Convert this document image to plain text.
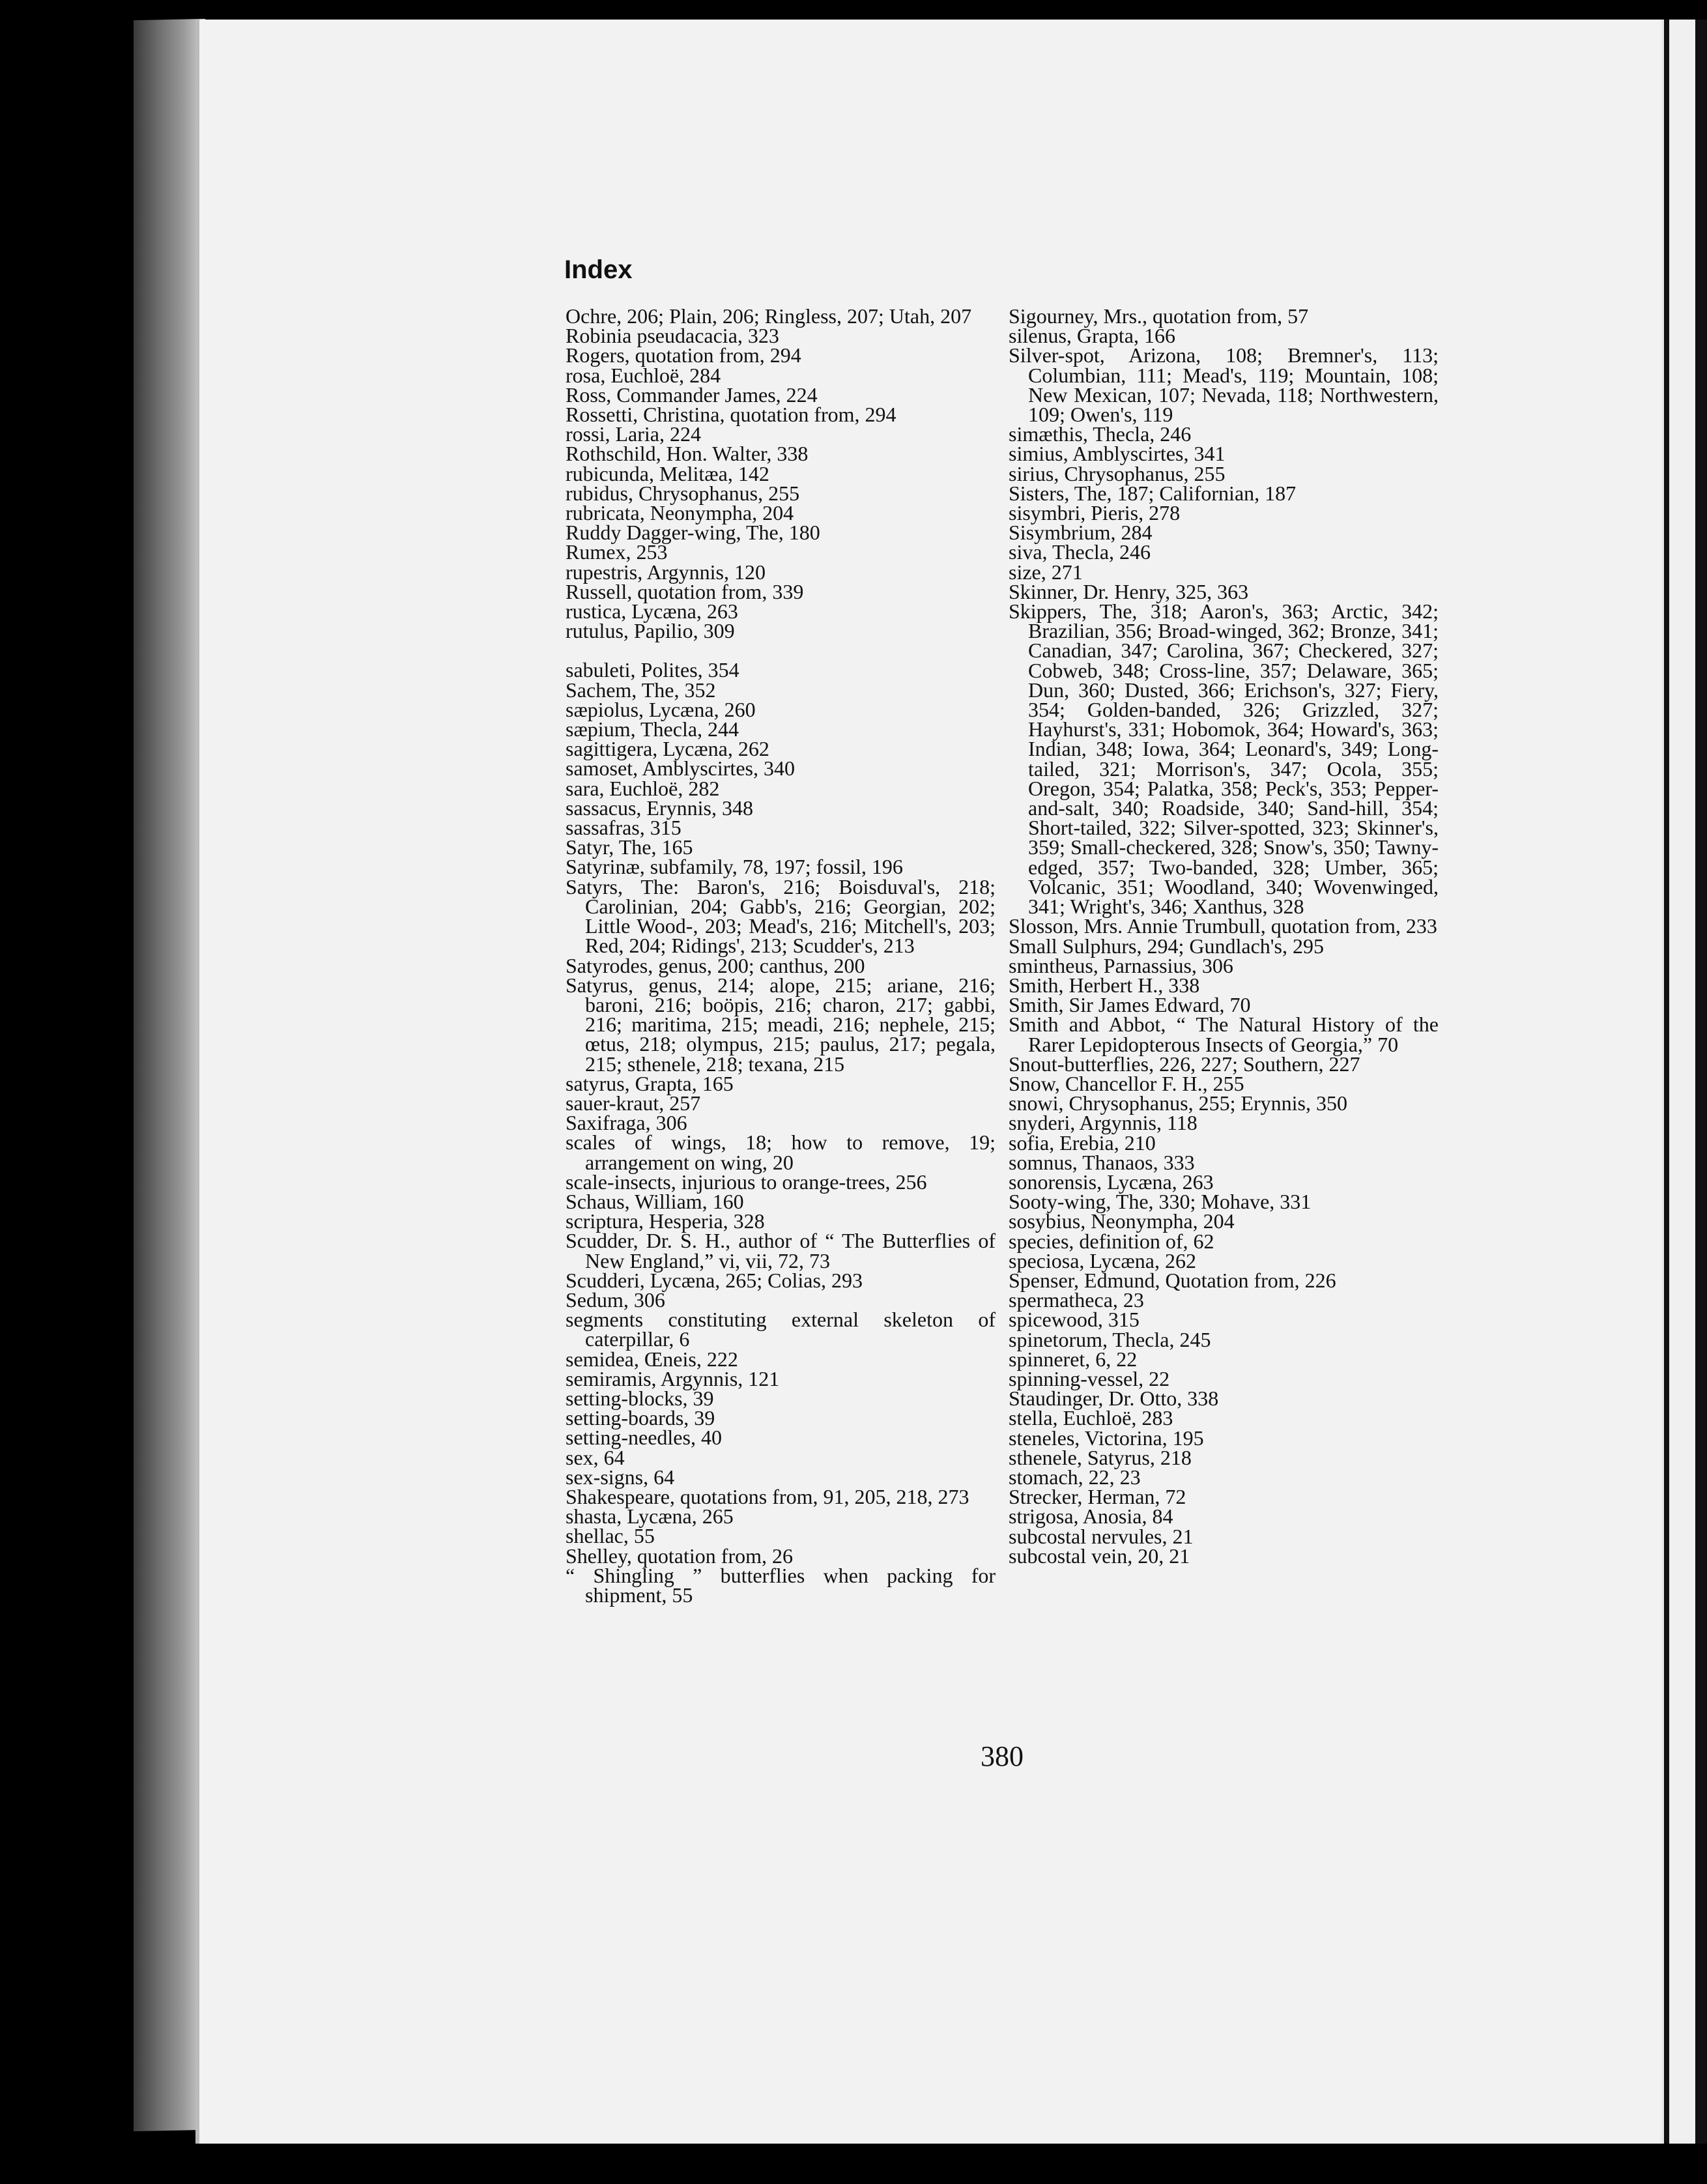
Index

Ochre, 206; Plain, 206; Ringless, 207; Utah, 207

Robinia pseudacacia, 323

Rogers, quotation from, 294

rosa, Euchloë, 284

Ross, Commander James, 224

Rossetti, Christina, quotation from, 294

rossi, Laria, 224

Rothschild, Hon. Walter, 338

rubicunda, Melitæa, 142

rubidus, Chrysophanus, 255

rubricata, Neonympha, 204

Ruddy Dagger-wing, The, 180

Rumex, 253

rupestris, Argynnis, 120

Russell, quotation from, 339

rustica, Lycæna, 263

rutulus, Papilio, 309

sabuleti, Polites, 354

Sachem, The, 352

sæpiolus, Lycæna, 260

sæpium, Thecla, 244

sagittigera, Lycæna, 262

samoset, Amblyscirtes, 340

sara, Euchloë, 282

sassacus, Erynnis, 348

sassafras, 315

Satyr, The, 165

Satyrinæ, subfamily, 78, 197; fossil, 196

Satyrs, The: Baron's, 216; Boisduval's, 218; Carolinian, 204; Gabb's, 216; Georgian, 202; Little Wood-, 203; Mead's, 216; Mitchell's, 203; Red, 204; Ridings', 213; Scudder's, 213

Satyrodes, genus, 200; canthus, 200

Satyrus, genus, 214; alope, 215; ariane, 216; baroni, 216; boöpis, 216; charon, 217; gabbi, 216; maritima, 215; meadi, 216; nephele, 215; œtus, 218; olympus, 215; paulus, 217; pegala, 215; sthenele, 218; texana, 215

satyrus, Grapta, 165

sauer-kraut, 257

Saxifraga, 306

scales of wings, 18; how to remove, 19; arrangement on wing, 20

scale-insects, injurious to orange-trees, 256

Schaus, William, 160

scriptura, Hesperia, 328

Scudder, Dr. S. H., author of “ The Butterflies of New England,” vi, vii, 72, 73

Scudderi, Lycæna, 265; Colias, 293

Sedum, 306

segments constituting external skeleton of caterpillar, 6

semidea, Œneis, 222

semiramis, Argynnis, 121

setting-blocks, 39

setting-boards, 39

setting-needles, 40

sex, 64

sex-signs, 64

Shakespeare, quotations from, 91, 205, 218, 273

shasta, Lycæna, 265

shellac, 55

Shelley, quotation from, 26

“ Shingling ” butterflies when packing for shipment, 55

Sigourney, Mrs., quotation from, 57

silenus, Grapta, 166

Silver-spot, Arizona, 108; Bremner's, 113; Columbian, 111; Mead's, 119; Mountain, 108; New Mexican, 107; Nevada, 118; Northwestern, 109; Owen's, 119

simæthis, Thecla, 246

simius, Amblyscirtes, 341

sirius, Chrysophanus, 255

Sisters, The, 187; Californian, 187

sisymbri, Pieris, 278

Sisymbrium, 284

siva, Thecla, 246

size, 271

Skinner, Dr. Henry, 325, 363

Skippers, The, 318; Aaron's, 363; Arctic, 342; Brazilian, 356; Broad-winged, 362; Bronze, 341; Canadian, 347; Carolina, 367; Checkered, 327; Cobweb, 348; Cross-line, 357; Delaware, 365; Dun, 360; Dusted, 366; Erichson's, 327; Fiery, 354; Golden-banded, 326; Grizzled, 327; Hayhurst's, 331; Hobomok, 364; Howard's, 363; Indian, 348; Iowa, 364; Leonard's, 349; Long-tailed, 321; Morrison's, 347; Ocola, 355; Oregon, 354; Palatka, 358; Peck's, 353; Pepper-and-salt, 340; Roadside, 340; Sand-hill, 354; Short-tailed, 322; Silver-spotted, 323; Skinner's, 359; Small-checkered, 328; Snow's, 350; Tawny-edged, 357; Two-banded, 328; Umber, 365; Volcanic, 351; Woodland, 340; Wovenwinged, 341; Wright's, 346; Xanthus, 328

Slosson, Mrs. Annie Trumbull, quotation from, 233

Small Sulphurs, 294; Gundlach's, 295

smintheus, Parnassius, 306

Smith, Herbert H., 338

Smith, Sir James Edward, 70

Smith and Abbot, “ The Natural History of the Rarer Lepidopterous Insects of Georgia,” 70

Snout-butterflies, 226, 227; Southern, 227

Snow, Chancellor F. H., 255

snowi, Chrysophanus, 255; Erynnis, 350

snyderi, Argynnis, 118

sofia, Erebia, 210

somnus, Thanaos, 333

sonorensis, Lycæna, 263

Sooty-wing, The, 330; Mohave, 331

sosybius, Neonympha, 204

species, definition of, 62

speciosa, Lycæna, 262

Spenser, Edmund, Quotation from, 226

spermatheca, 23

spicewood, 315

spinetorum, Thecla, 245

spinneret, 6, 22

spinning-vessel, 22

Staudinger, Dr. Otto, 338

stella, Euchloë, 283

steneles, Victorina, 195

sthenele, Satyrus, 218

stomach, 22, 23

Strecker, Herman, 72

strigosa, Anosia, 84

subcostal nervules, 21

subcostal vein, 20, 21

380
